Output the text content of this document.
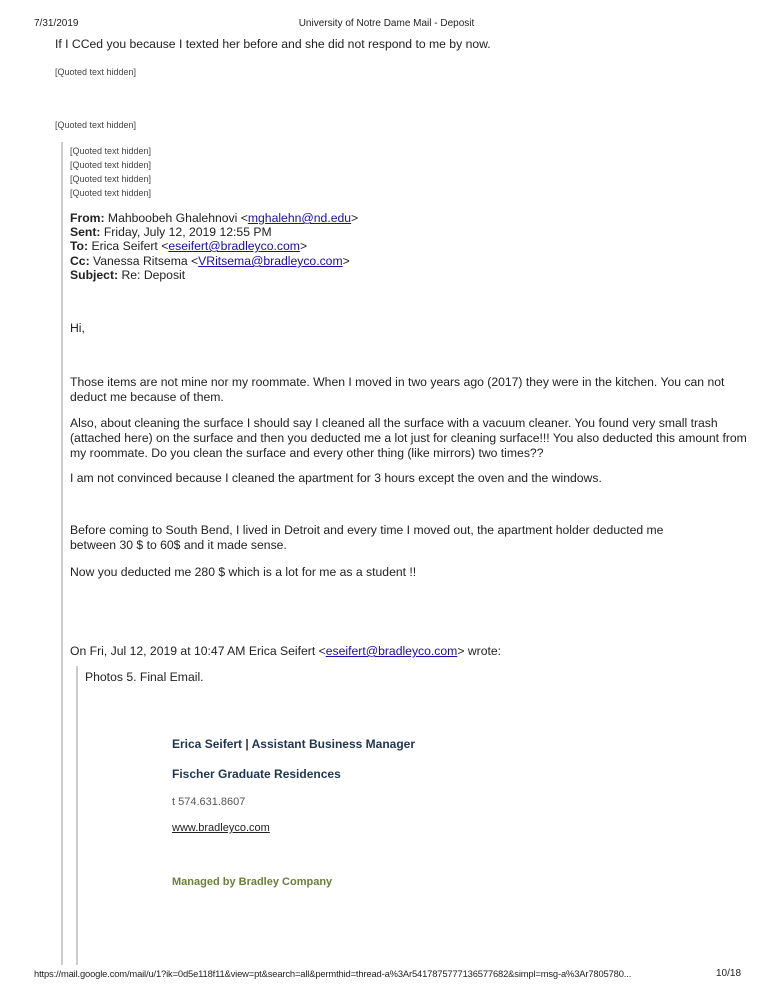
7/31/2019	University of Notre Dame Mail - Deposit
If I CCed you because I texted her before and she did not respond to me by now.
[Quoted text hidden]
[Quoted text hidden]
[Quoted text hidden]
[Quoted text hidden]
[Quoted text hidden]
[Quoted text hidden]
From: Mahboobeh Ghalehnovi <mghalehn@nd.edu>
Sent: Friday, July 12, 2019 12:55 PM
To: Erica Seifert <eseifert@bradleyco.com>
Cc: Vanessa Ritsema <VRitsema@bradleyco.com>
Subject: Re: Deposit
Hi,
Those items are not mine nor my roommate. When I moved in two years ago (2017) they were in the kitchen. You can not deduct me because of them.
Also, about cleaning the surface I should say I cleaned all the surface with a vacuum cleaner. You found very small trash (attached here) on the surface and then you deducted me a lot just for cleaning surface!!! You also deducted this amount from my roommate. Do you clean the surface and every other thing (like mirrors) two times??
I am not convinced because I cleaned the apartment for 3 hours except the oven and the windows.
Before coming to South Bend, I lived in Detroit and every time I moved out, the apartment holder deducted me between 30 $ to 60$ and it made sense.
Now you deducted me 280 $ which is a lot for me as a student !!
On Fri, Jul 12, 2019 at 10:47 AM Erica Seifert <eseifert@bradleyco.com> wrote:
Photos 5. Final Email.
Erica Seifert | Assistant Business Manager
Fischer Graduate Residences
t 574.631.8607
www.bradleyco.com
Managed by Bradley Company
https://mail.google.com/mail/u/1?ik=0d5e118f11&view=pt&search=all&permthid=thread-a%3Ar5417875777136577682&simpl=msg-a%3Ar7805780...	10/18
